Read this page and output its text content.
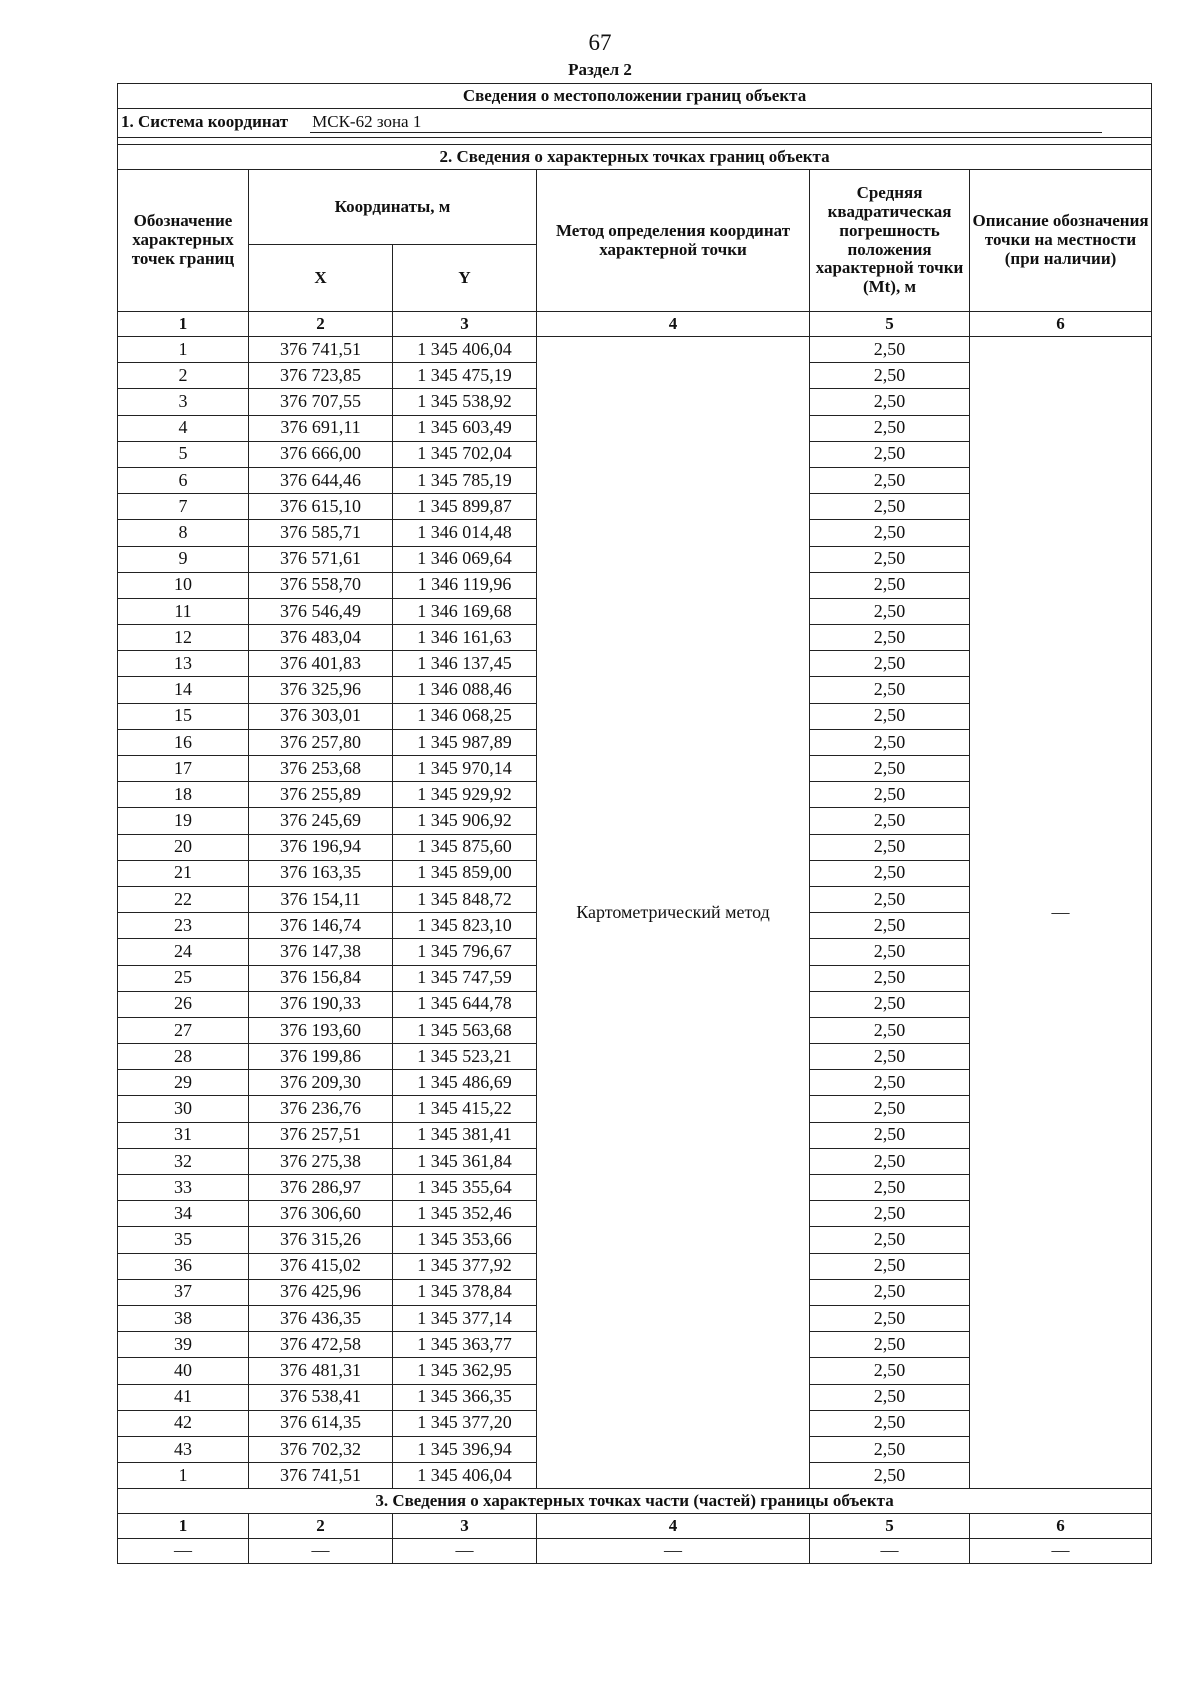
67
Раздел 2
Сведения о местоположении границ объекта					
1. Система координат МСК-62 зона 1					

2. Сведения о характерных точках границ объекта					
Обозначение характерных точек границ	Координаты, м		Метод определения координат характерной точки	Средняя квадратическая погрешность положения характерной точки (Mt), м	Описание обозначения точки на местности (при наличии)
	X	Y			
1	2	3	4	5	6
1	376 741,51	1 345 406,04	Картометрический метод	2,50	—
2	376 723,85	1 345 475,19		2,50	
3	376 707,55	1 345 538,92		2,50	
4	376 691,11	1 345 603,49		2,50	
5	376 666,00	1 345 702,04		2,50	
6	376 644,46	1 345 785,19		2,50	
7	376 615,10	1 345 899,87		2,50	
8	376 585,71	1 346 014,48		2,50	
9	376 571,61	1 346 069,64		2,50	
10	376 558,70	1 346 119,96		2,50	
11	376 546,49	1 346 169,68		2,50	
12	376 483,04	1 346 161,63		2,50	
13	376 401,83	1 346 137,45		2,50	
14	376 325,96	1 346 088,46		2,50	
15	376 303,01	1 346 068,25		2,50	
16	376 257,80	1 345 987,89		2,50	
17	376 253,68	1 345 970,14		2,50	
18	376 255,89	1 345 929,92		2,50	
19	376 245,69	1 345 906,92		2,50	
20	376 196,94	1 345 875,60		2,50	
21	376 163,35	1 345 859,00		2,50	
22	376 154,11	1 345 848,72		2,50	
23	376 146,74	1 345 823,10		2,50	
24	376 147,38	1 345 796,67		2,50	
25	376 156,84	1 345 747,59		2,50	
26	376 190,33	1 345 644,78		2,50	
27	376 193,60	1 345 563,68		2,50	
28	376 199,86	1 345 523,21		2,50	
29	376 209,30	1 345 486,69		2,50	
30	376 236,76	1 345 415,22		2,50	
31	376 257,51	1 345 381,41		2,50	
32	376 275,38	1 345 361,84		2,50	
33	376 286,97	1 345 355,64		2,50	
34	376 306,60	1 345 352,46		2,50	
35	376 315,26	1 345 353,66		2,50	
36	376 415,02	1 345 377,92		2,50	
37	376 425,96	1 345 378,84		2,50	
38	376 436,35	1 345 377,14		2,50	
39	376 472,58	1 345 363,77		2,50	
40	376 481,31	1 345 362,95		2,50	
41	376 538,41	1 345 366,35		2,50	
42	376 614,35	1 345 377,20		2,50	
43	376 702,32	1 345 396,94		2,50	
1	376 741,51	1 345 406,04		2,50	
3. Сведения о характерных точках части (частей) границы объекта					
1	2	3	4	5	6
—	—	—	—	—	—
